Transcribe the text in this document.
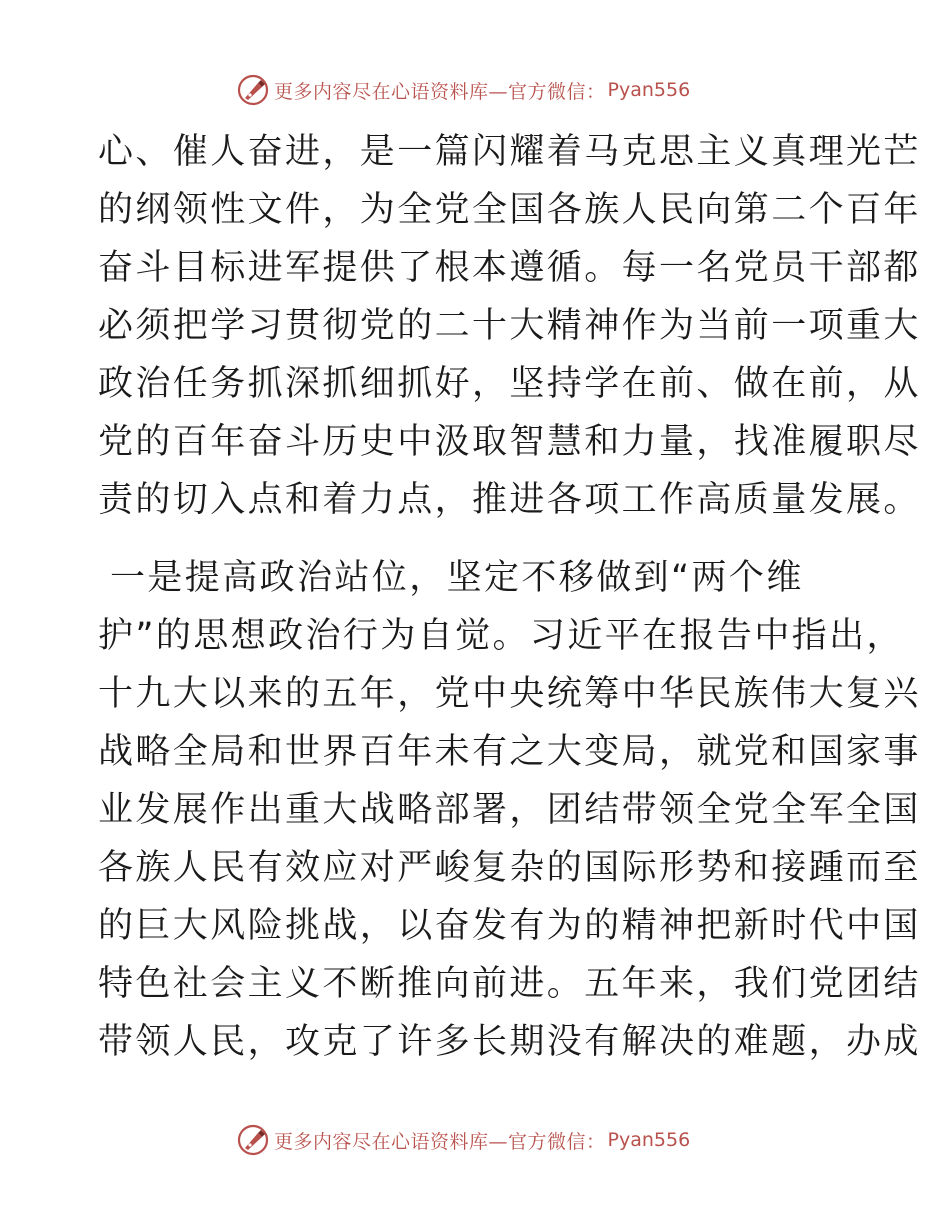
更多内容尽在心语资料库—官方微信： Pyan556
心、催人奋进，是一篇闪耀着马克思主义真理光芒
的纲领性文件，为全党全国各族人民向第二个百年
奋斗目标进军提供了根本遵循。每一名党员干部都
必须把学习贯彻党的二十大精神作为当前一项重大
政治任务抓深抓细抓好，坚持学在前、做在前，从
党的百年奋斗历史中汲取智慧和力量，找准履职尽
责的切入点和着力点，推进各项工作高质量发展。
一是提高政治站位，坚定不移做到“两个维
护”的思想政治行为自觉。习近平在报告中指出，
十九大以来的五年，党中央统筹中华民族伟大复兴
战略全局和世界百年未有之大变局，就党和国家事
业发展作出重大战略部署，团结带领全党全军全国
各族人民有效应对严峻复杂的国际形势和接踵而至
的巨大风险挑战，以奋发有为的精神把新时代中国
特色社会主义不断推向前进。五年来，我们党团结
带领人民，攻克了许多长期没有解决的难题，办成
更多内容尽在心语资料库—官方微信： Pyan556
